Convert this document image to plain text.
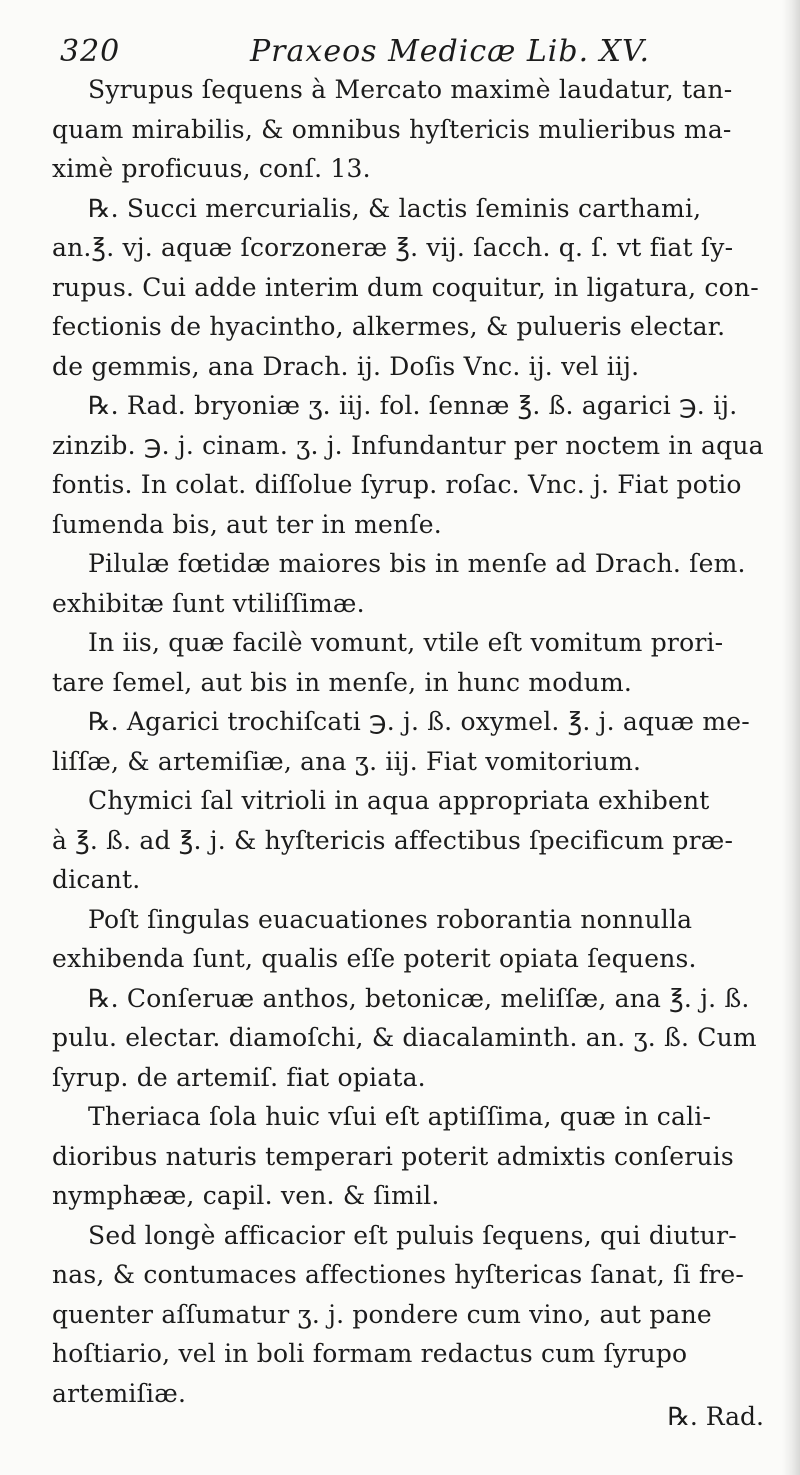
320	Praxeos Medicæ Lib. XV.
Syrupus ſequens à Mercato maximè laudatur, tan-
quam mirabilis, & omnibus hyſtericis mulieribus ma-
ximè proficuus, conſ. 13.
℞. Succi mercurialis, & lactis ſeminis carthami,
an.℥. vj. aquæ ſcorzoneræ ℥. vij. ſacch. q. ſ. vt fiat ſy-
rupus. Cui adde interim dum coquitur, in ligatura, con-
fectionis de hyacintho, alkermes, & pulueris electar.
de gemmis, ana Drach. ij. Doſis Vnc. ij. vel iij.
℞. Rad. bryoniæ ʒ. iij. fol. ſennæ ℥. ß. agarici ℈. ij.
zinzib. ℈. j. cinam. ʒ. j. Infundantur per noctem in aqua
fontis. In colat. diſſolue ſyrup. roſac. Vnc. j. Fiat potio
ſumenda bis, aut ter in menſe.
Pilulæ fœtidæ maiores bis in menſe ad Drach. ſem.
exhibitæ ſunt vtiliſſimæ.
In iis, quæ facilè vomunt, vtile eſt vomitum prori-
tare ſemel, aut bis in menſe, in hunc modum.
℞. Agarici trochiſcati ℈. j. ß. oxymel. ℥. j. aquæ me-
liſſæ, & artemiſiæ, ana ʒ. iij. Fiat vomitorium.
Chymici ſal vitrioli in aqua appropriata exhibent
à ℥. ß. ad ℥. j. & hyſtericis affectibus ſpecificum præ-
dicant.
Poſt ſingulas euacuationes roborantia nonnulla
exhibenda ſunt, qualis eſſe poterit opiata ſequens.
℞. Conſeruæ anthos, betonicæ, meliſſæ, ana ℥. j. ß.
pulu. electar. diamoſchi, & diacalaminth. an. ʒ. ß. Cum
ſyrup. de artemiſ. fiat opiata.
Theriaca ſola huic vſui eſt aptiſſima, quæ in cali-
dioribus naturis temperari poterit admixtis conſeruis
nymphææ, capil. ven. & ſimil.
Sed longè afficacior eſt puluis ſequens, qui diutur-
nas, & contumaces affectiones hyſtericas ſanat, ſi fre-
quenter aſſumatur ʒ. j. pondere cum vino, aut pane
hoſtiario, vel in boli formam redactus cum ſyrupo
artemiſiæ.
℞. Rad.
